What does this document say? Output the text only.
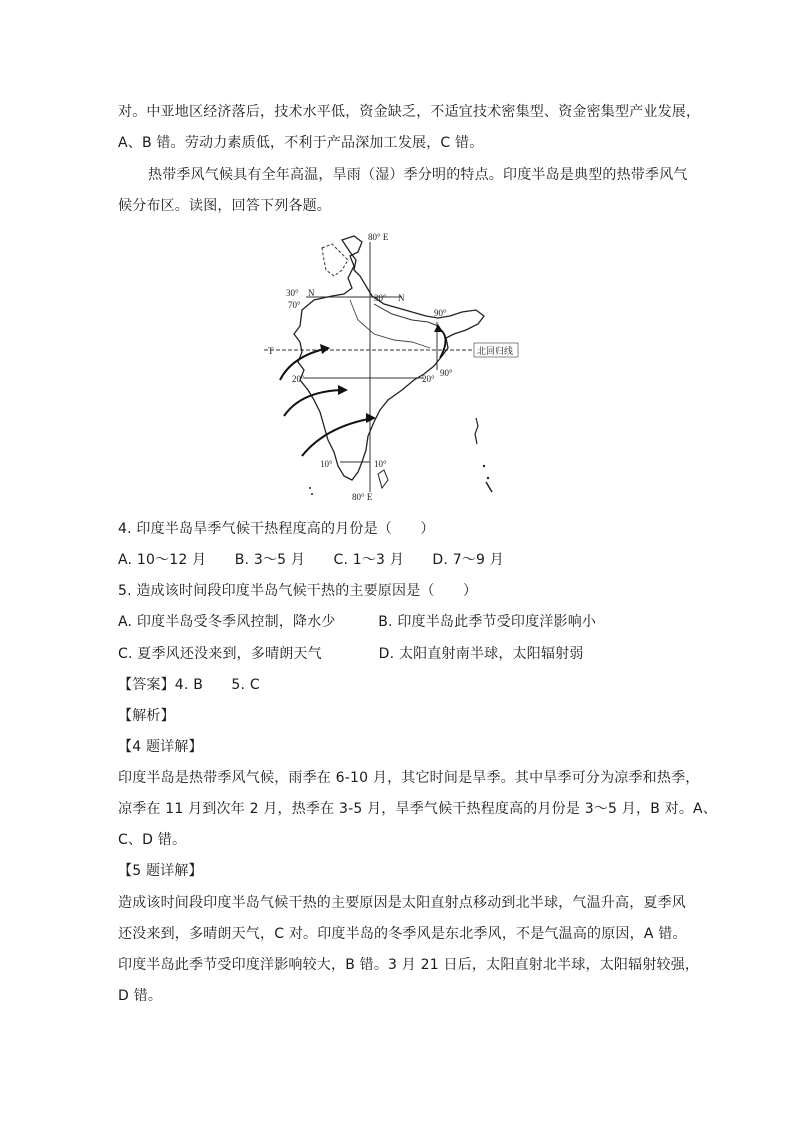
对。中亚地区经济落后，技术水平低，资金缺乏，不适宜技术密集型、资金密集型产业发展，
A、B 错。劳动力素质低，不利于产品深加工发展，C 错。
热带季风气候具有全年高温，旱雨（湿）季分明的特点。印度半岛是典型的热带季风气
候分布区。读图，回答下列各题。
80° E
30° N
70°
30° N
90°
T	北回归线
90°
20°	20°
10°	10°
80° E
4. 印度半岛旱季气候干热程度高的月份是（　　）
A. 10～12 月　　B. 3～5 月　　C. 1～3 月　　D. 7～9 月
5. 造成该时间段印度半岛气候干热的主要原因是（　　）
A. 印度半岛受冬季风控制，降水少　　　B. 印度半岛此季节受印度洋影响小
C. 夏季风还没来到，多晴朗天气　　　　D. 太阳直射南半球，太阳辐射弱
【答案】4. B　　5. C
【解析】
【4 题详解】
印度半岛是热带季风气候，雨季在 6-10 月，其它时间是旱季。其中旱季可分为凉季和热季，
凉季在 11 月到次年 2 月，热季在 3-5 月，旱季气候干热程度高的月份是 3～5 月，B 对。A、
C、D 错。
【5 题详解】
造成该时间段印度半岛气候干热的主要原因是太阳直射点移动到北半球，气温升高，夏季风
还没来到，多晴朗天气，C 对。印度半岛的冬季风是东北季风，不是气温高的原因，A 错。
印度半岛此季节受印度洋影响较大，B 错。3 月 21 日后，太阳直射北半球，太阳辐射较强，
D 错。
